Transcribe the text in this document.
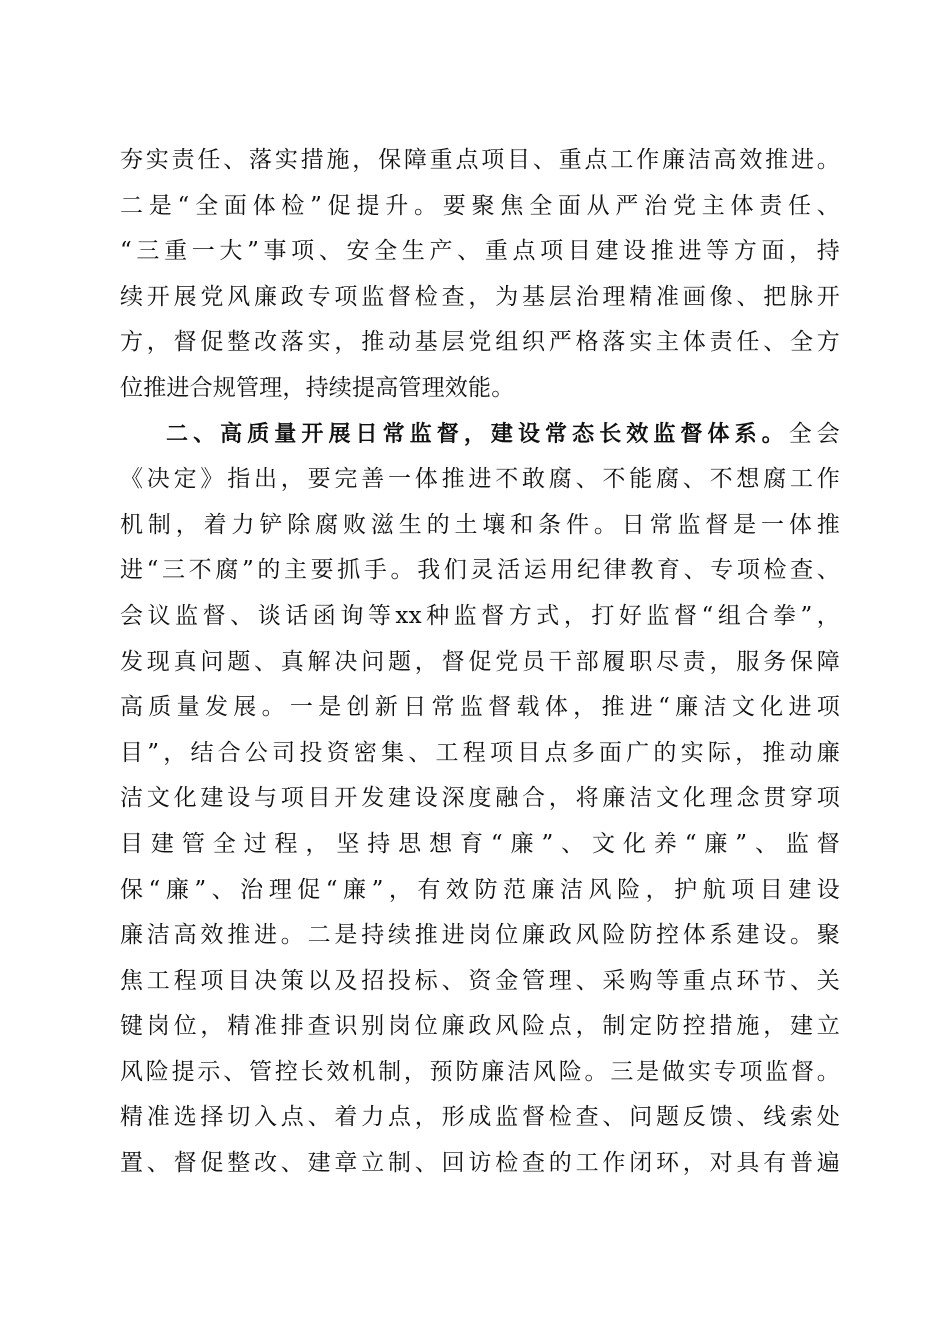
夯实责任、落实措施，保障重点项目、重点工作廉洁高效推进。
二是“全面体检”促提升。要聚焦全面从严治党主体责任、
“三重一大”事项、安全生产、重点项目建设推进等方面，持
续开展党风廉政专项监督检查，为基层治理精准画像、把脉开
方，督促整改落实，推动基层党组织严格落实主体责任、全方
位推进合规管理，持续提高管理效能。
二、高质量开展日常监督，建设常态长效监督体系。全会
《决定》指出，要完善一体推进不敢腐、不能腐、不想腐工作
机制，着力铲除腐败滋生的土壤和条件。日常监督是一体推
进“三不腐”的主要抓手。我们灵活运用纪律教育、专项检查、
会议监督、谈话函询等xx种监督方式，打好监督“组合拳”，
发现真问题、真解决问题，督促党员干部履职尽责，服务保障
高质量发展。一是创新日常监督载体，推进“廉洁文化进项
目”，结合公司投资密集、工程项目点多面广的实际，推动廉
洁文化建设与项目开发建设深度融合，将廉洁文化理念贯穿项
目建管全过程，坚持思想育“廉”、文化养“廉”、监督
保“廉”、治理促“廉”，有效防范廉洁风险，护航项目建设
廉洁高效推进。二是持续推进岗位廉政风险防控体系建设。聚
焦工程项目决策以及招投标、资金管理、采购等重点环节、关
键岗位，精准排查识别岗位廉政风险点，制定防控措施，建立
风险提示、管控长效机制，预防廉洁风险。三是做实专项监督。
精准选择切入点、着力点，形成监督检查、问题反馈、线索处
置、督促整改、建章立制、回访检查的工作闭环，对具有普遍
